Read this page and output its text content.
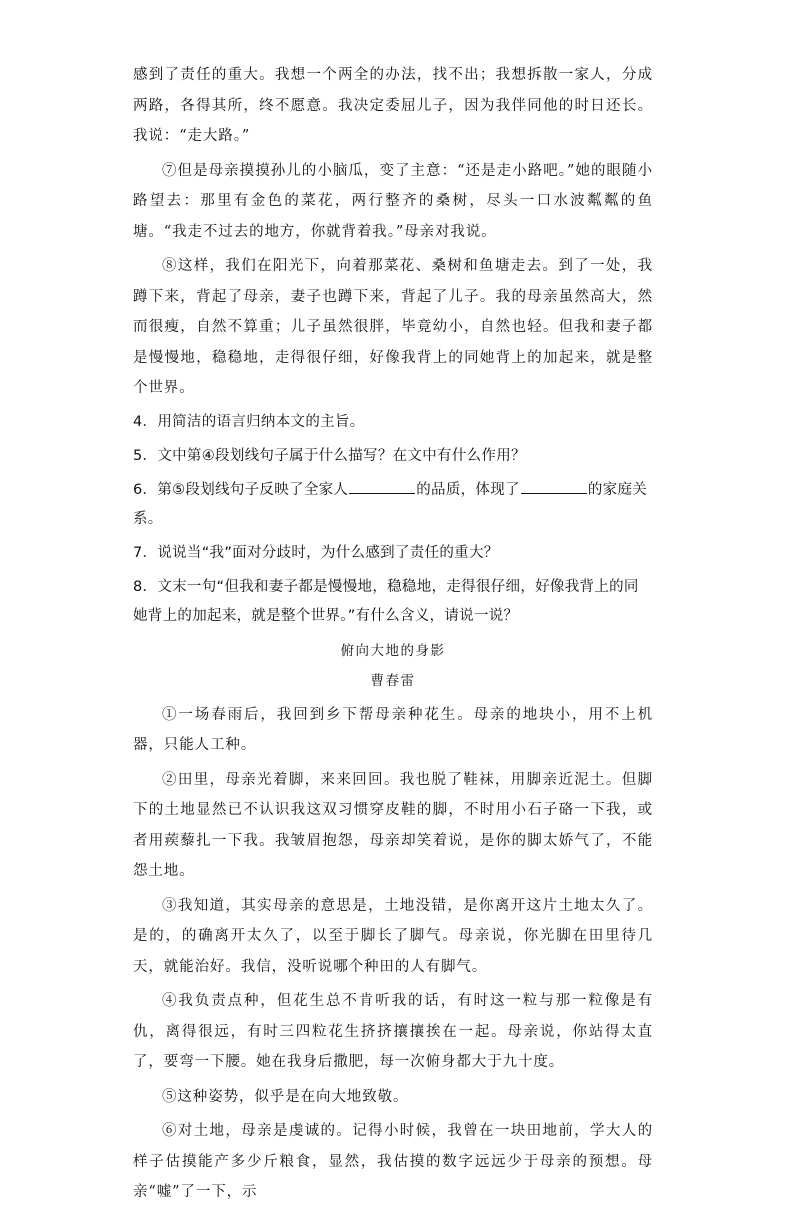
感到了责任的重大。我想一个两全的办法，找不出；我想拆散一家人，分成两路，各得其所，终不愿意。我决定委屈儿子，因为我伴同他的时日还长。我说：“走大路。”

⑦但是母亲摸摸孙儿的小脑瓜，变了主意：“还是走小路吧。”她的眼随小路望去：那里有金色的菜花，两行整齐的桑树，尽头一口水波粼粼的鱼塘。“我走不过去的地方，你就背着我。”母亲对我说。

⑧这样，我们在阳光下，向着那菜花、桑树和鱼塘走去。到了一处，我蹲下来，背起了母亲，妻子也蹲下来，背起了儿子。我的母亲虽然高大，然而很瘦，自然不算重；儿子虽然很胖，毕竟幼小，自然也轻。但我和妻子都是慢慢地，稳稳地，走得很仔细，好像我背上的同她背上的加起来，就是整个世界。

4．用简洁的语言归纳本文的主旨。

5．文中第④段划线句子属于什么描写？在文中有什么作用？

6．第⑤段划线句子反映了全家人	的品质，体现了	的家庭关系。

7．说说当“我”面对分歧时，为什么感到了责任的重大？

8．文末一句“但我和妻子都是慢慢地，稳稳地，走得很仔细，好像我背上的同她背上的加起来，就是整个世界。”有什么含义，请说一说？

俯向大地的身影

曹春雷

①一场春雨后，我回到乡下帮母亲种花生。母亲的地块小，用不上机器，只能人工种。

②田里，母亲光着脚，来来回回。我也脱了鞋袜，用脚亲近泥土。但脚下的土地显然已不认识我这双习惯穿皮鞋的脚，不时用小石子硌一下我，或者用蒺藜扎一下我。我皱眉抱怨，母亲却笑着说，是你的脚太娇气了，不能怨土地。

③我知道，其实母亲的意思是，土地没错，是你离开这片土地太久了。是的，的确离开太久了，以至于脚长了脚气。母亲说，你光脚在田里待几天，就能治好。我信，没听说哪个种田的人有脚气。

④我负责点种，但花生总不肯听我的话，有时这一粒与那一粒像是有仇，离得很远，有时三四粒花生挤挤攘攘挨在一起。母亲说，你站得太直了，要弯一下腰。她在我身后撒肥，每一次俯身都大于九十度。

⑤这种姿势，似乎是在向大地致敬。

⑥对土地，母亲是虔诚的。记得小时候，我曾在一块田地前，学大人的样子估摸能产多少斤粮食，显然，我估摸的数字远远少于母亲的预想。母亲“嘘”了一下，示
